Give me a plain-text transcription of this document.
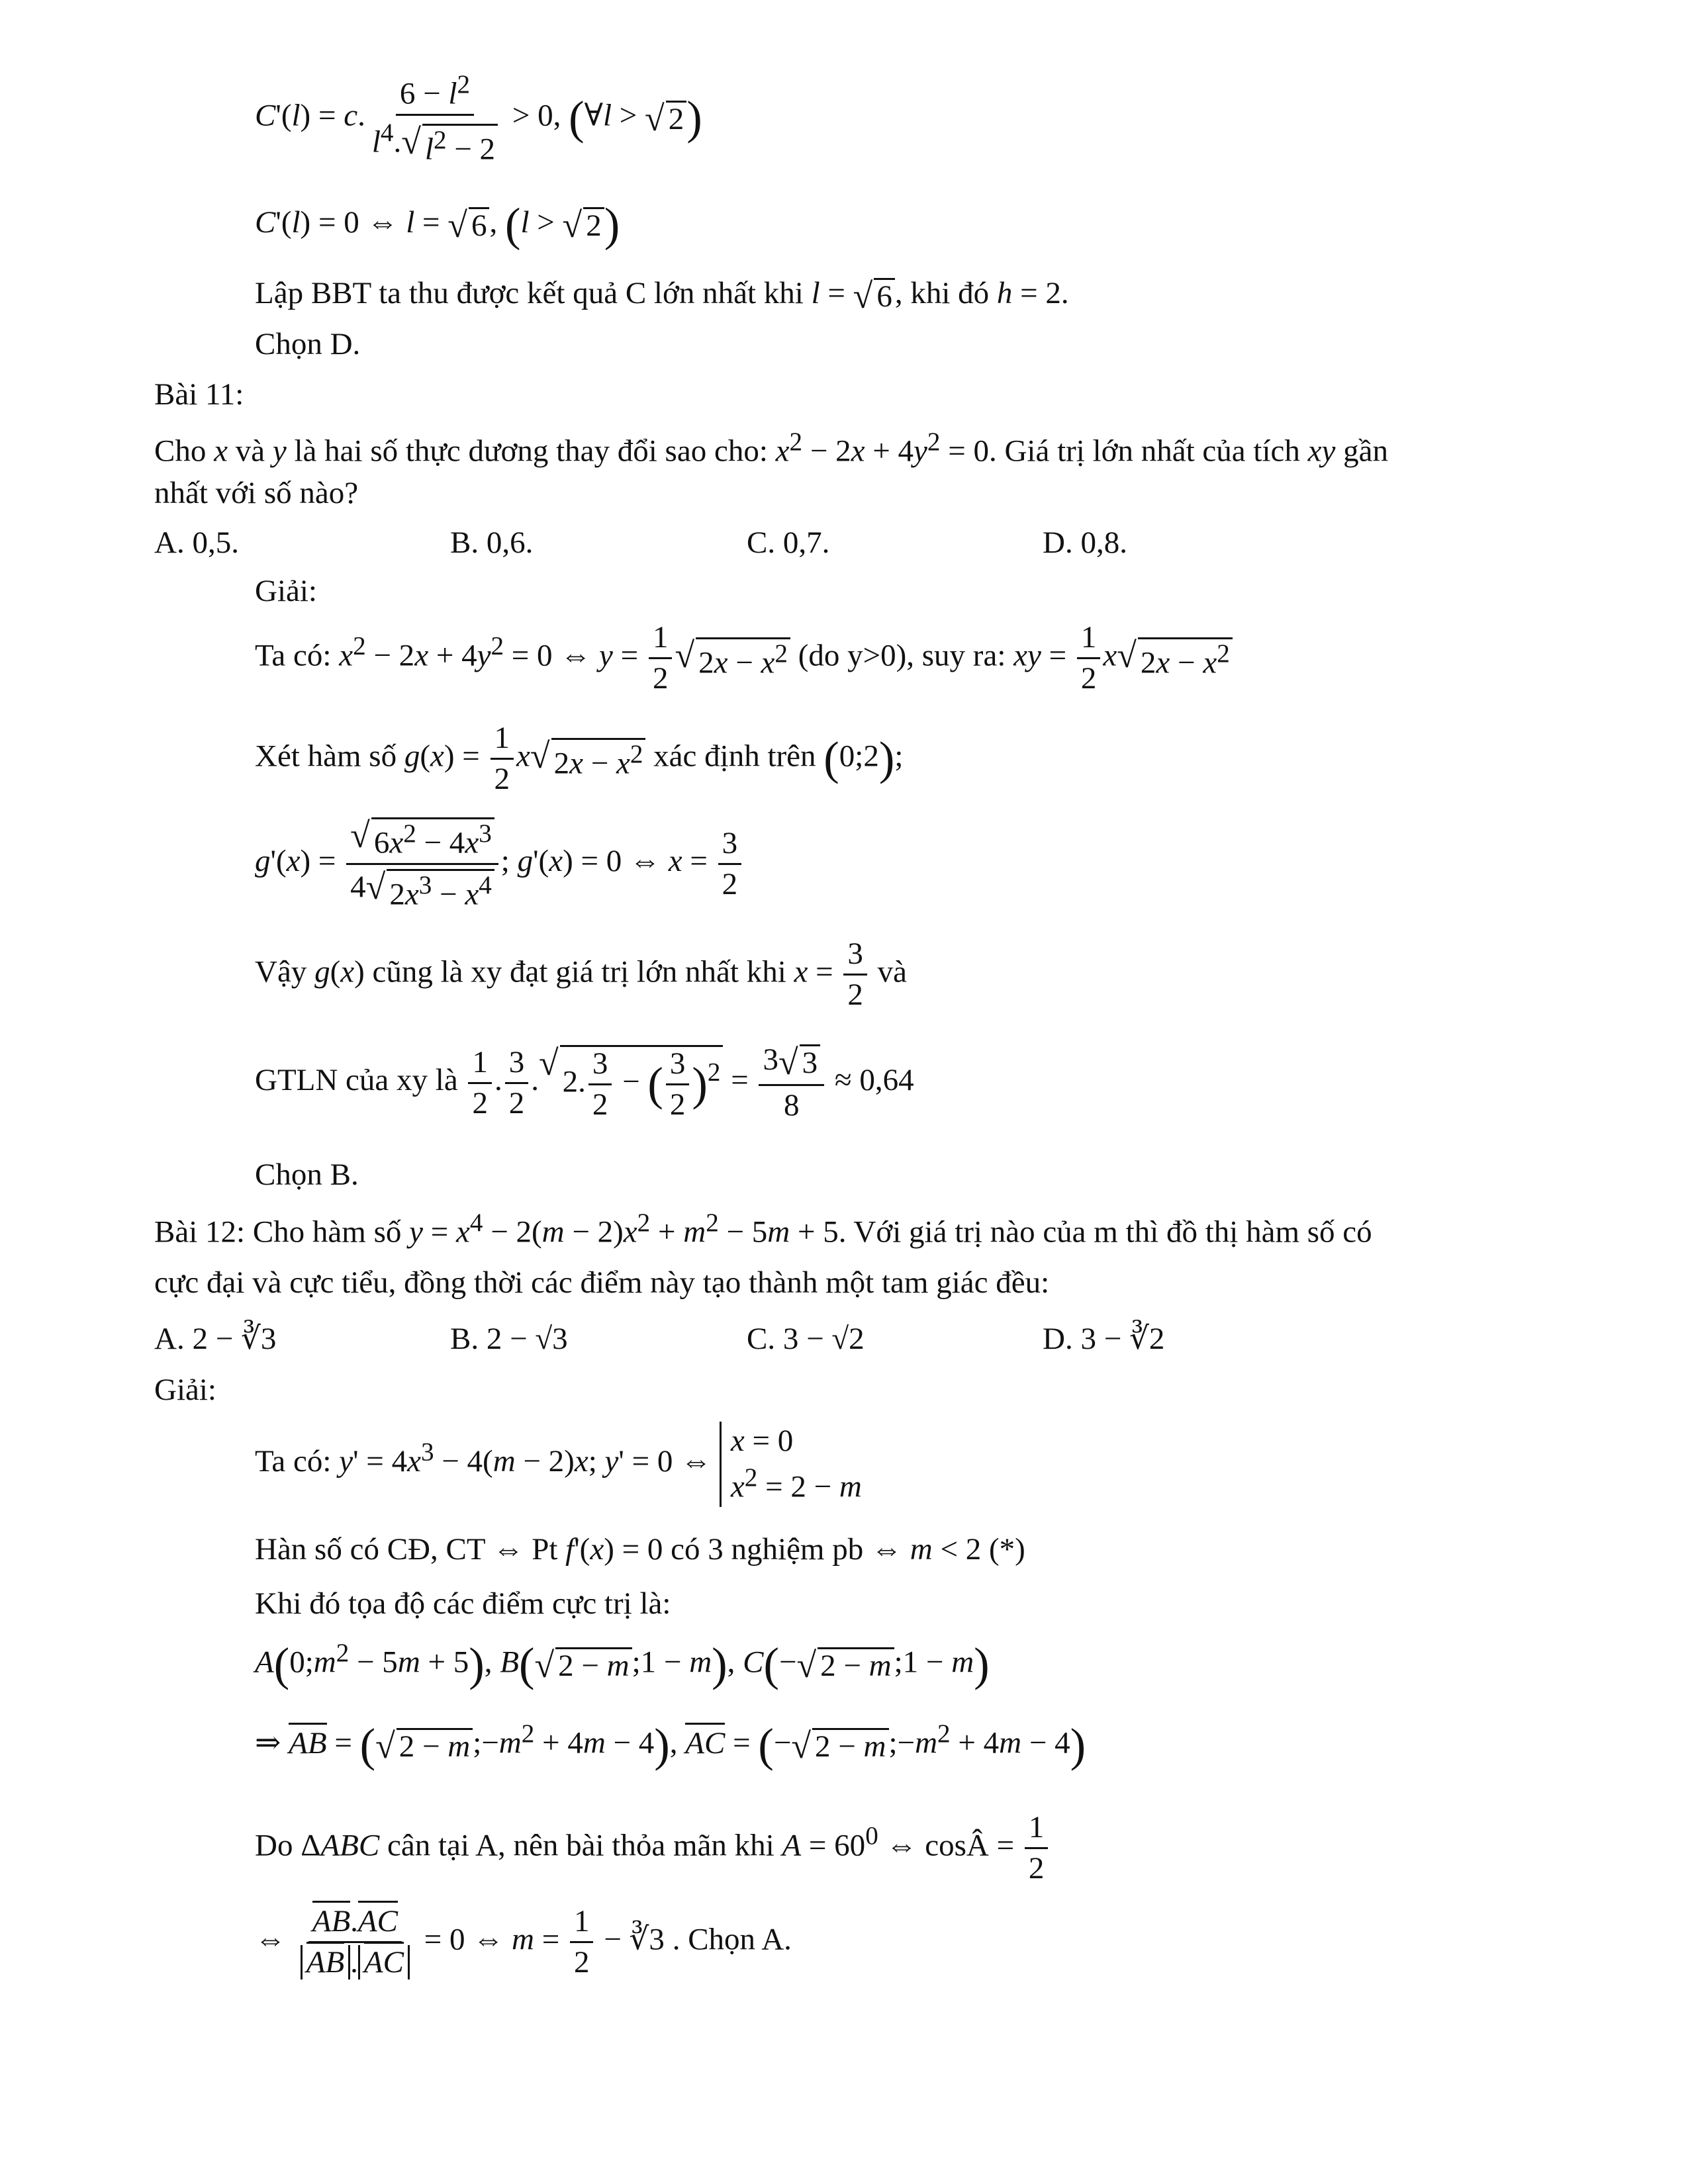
C'(l) = c. $\frac{6 - l^2}{l^4. √ l^2 - 2} > 0$, (∀l > √ 2 )
C'(l) = 0 ⇔ l = √ 6 , (l > √ 2 )
Lập BBT ta thu được kết quả C lớn nhất khi l = √ 6 , khi đó h = 2.
Chọn D.
Bài 11:
Cho x và y là hai số thực dương thay đổi sao cho: $x^2 - 2x + 4y^2 = 0$. Giá trị lớn nhất của tích xy gần
nhất với số nào?
A. 0,5.	B. 0,6.	C. 0,7.	D. 0,8.
Giải:
Ta có: $x^2 - 2x + 4y^2 = 0$ ⇔ $y = \frac{1}{2}$ √ $2x - x^2$ (do y>0), suy ra: xy = $\frac{1}{2}$ x √ $2x - x^2$
Xét hàm số $g(x) = \frac{1}{2}$ x √ $2x - x^2$ xác định trên (0;2);
$g'(x) = \frac{√ 6x^2 - 4x^3}{4 √ 2x^3 - x^4}$ ; g'(x) = 0 ⇔ $x = \frac{3}{2}$
Vậy g(x) cũng là xy đạt giá trị lớn nhất khi $x = \frac{3}{2}$ và
GTLN của xy là $\frac{1}{2}$ . $\frac{3}{2}$ . √ 2. $\frac{3}{2}$ − ( $\frac{3}{2} )^2 = \frac{3 √ 3}{8} \approx 0,64$
Chọn B.
Bài 12: Cho hàm số $y = x^4 - 2(m - 2)x^2 + m^2 - 5m + 5$. Với giá trị nào của m thì đồ thị hàm số có
cực đại và cực tiểu, đồng thời các điểm này tạo thành một tam giác đều:
A. 2 − ∛3	B. 2 − √3	C. 3 − √2	D. 3 − ∛2
Giải:
Ta có: $y' = 4x^3 - 4(m - 2)x$; y' = 0 ⇔
x = 0
$x^2 = 2 - m$
Hàn số có CĐ, CT ⇔ Pt f'(x) = 0 có 3 nghiệm pb ⇔ m < 2 (*)
Khi đó tọa độ các điểm cực trị là:
$A(0;m^2 - 5m + 5)$, B( √ 2 − m ;1 − m), C(− √ 2 − m ;1 − m)
⇒ AB = ( √ 2 − m $;-m^2 + 4m - 4$), AC = (− √ 2 − m $;-m^2 + 4m - 4$)
Do ΔABC cân tại A, nên bài thỏa mãn khi $A = 60^0$ ⇔ cosÂ = $\frac{1}{2}$
⇔ $\frac{AB.AC}{AB . AC} = 0$ ⇔ $m = \frac{1}{2}$ − ∛3 . Chọn A.
